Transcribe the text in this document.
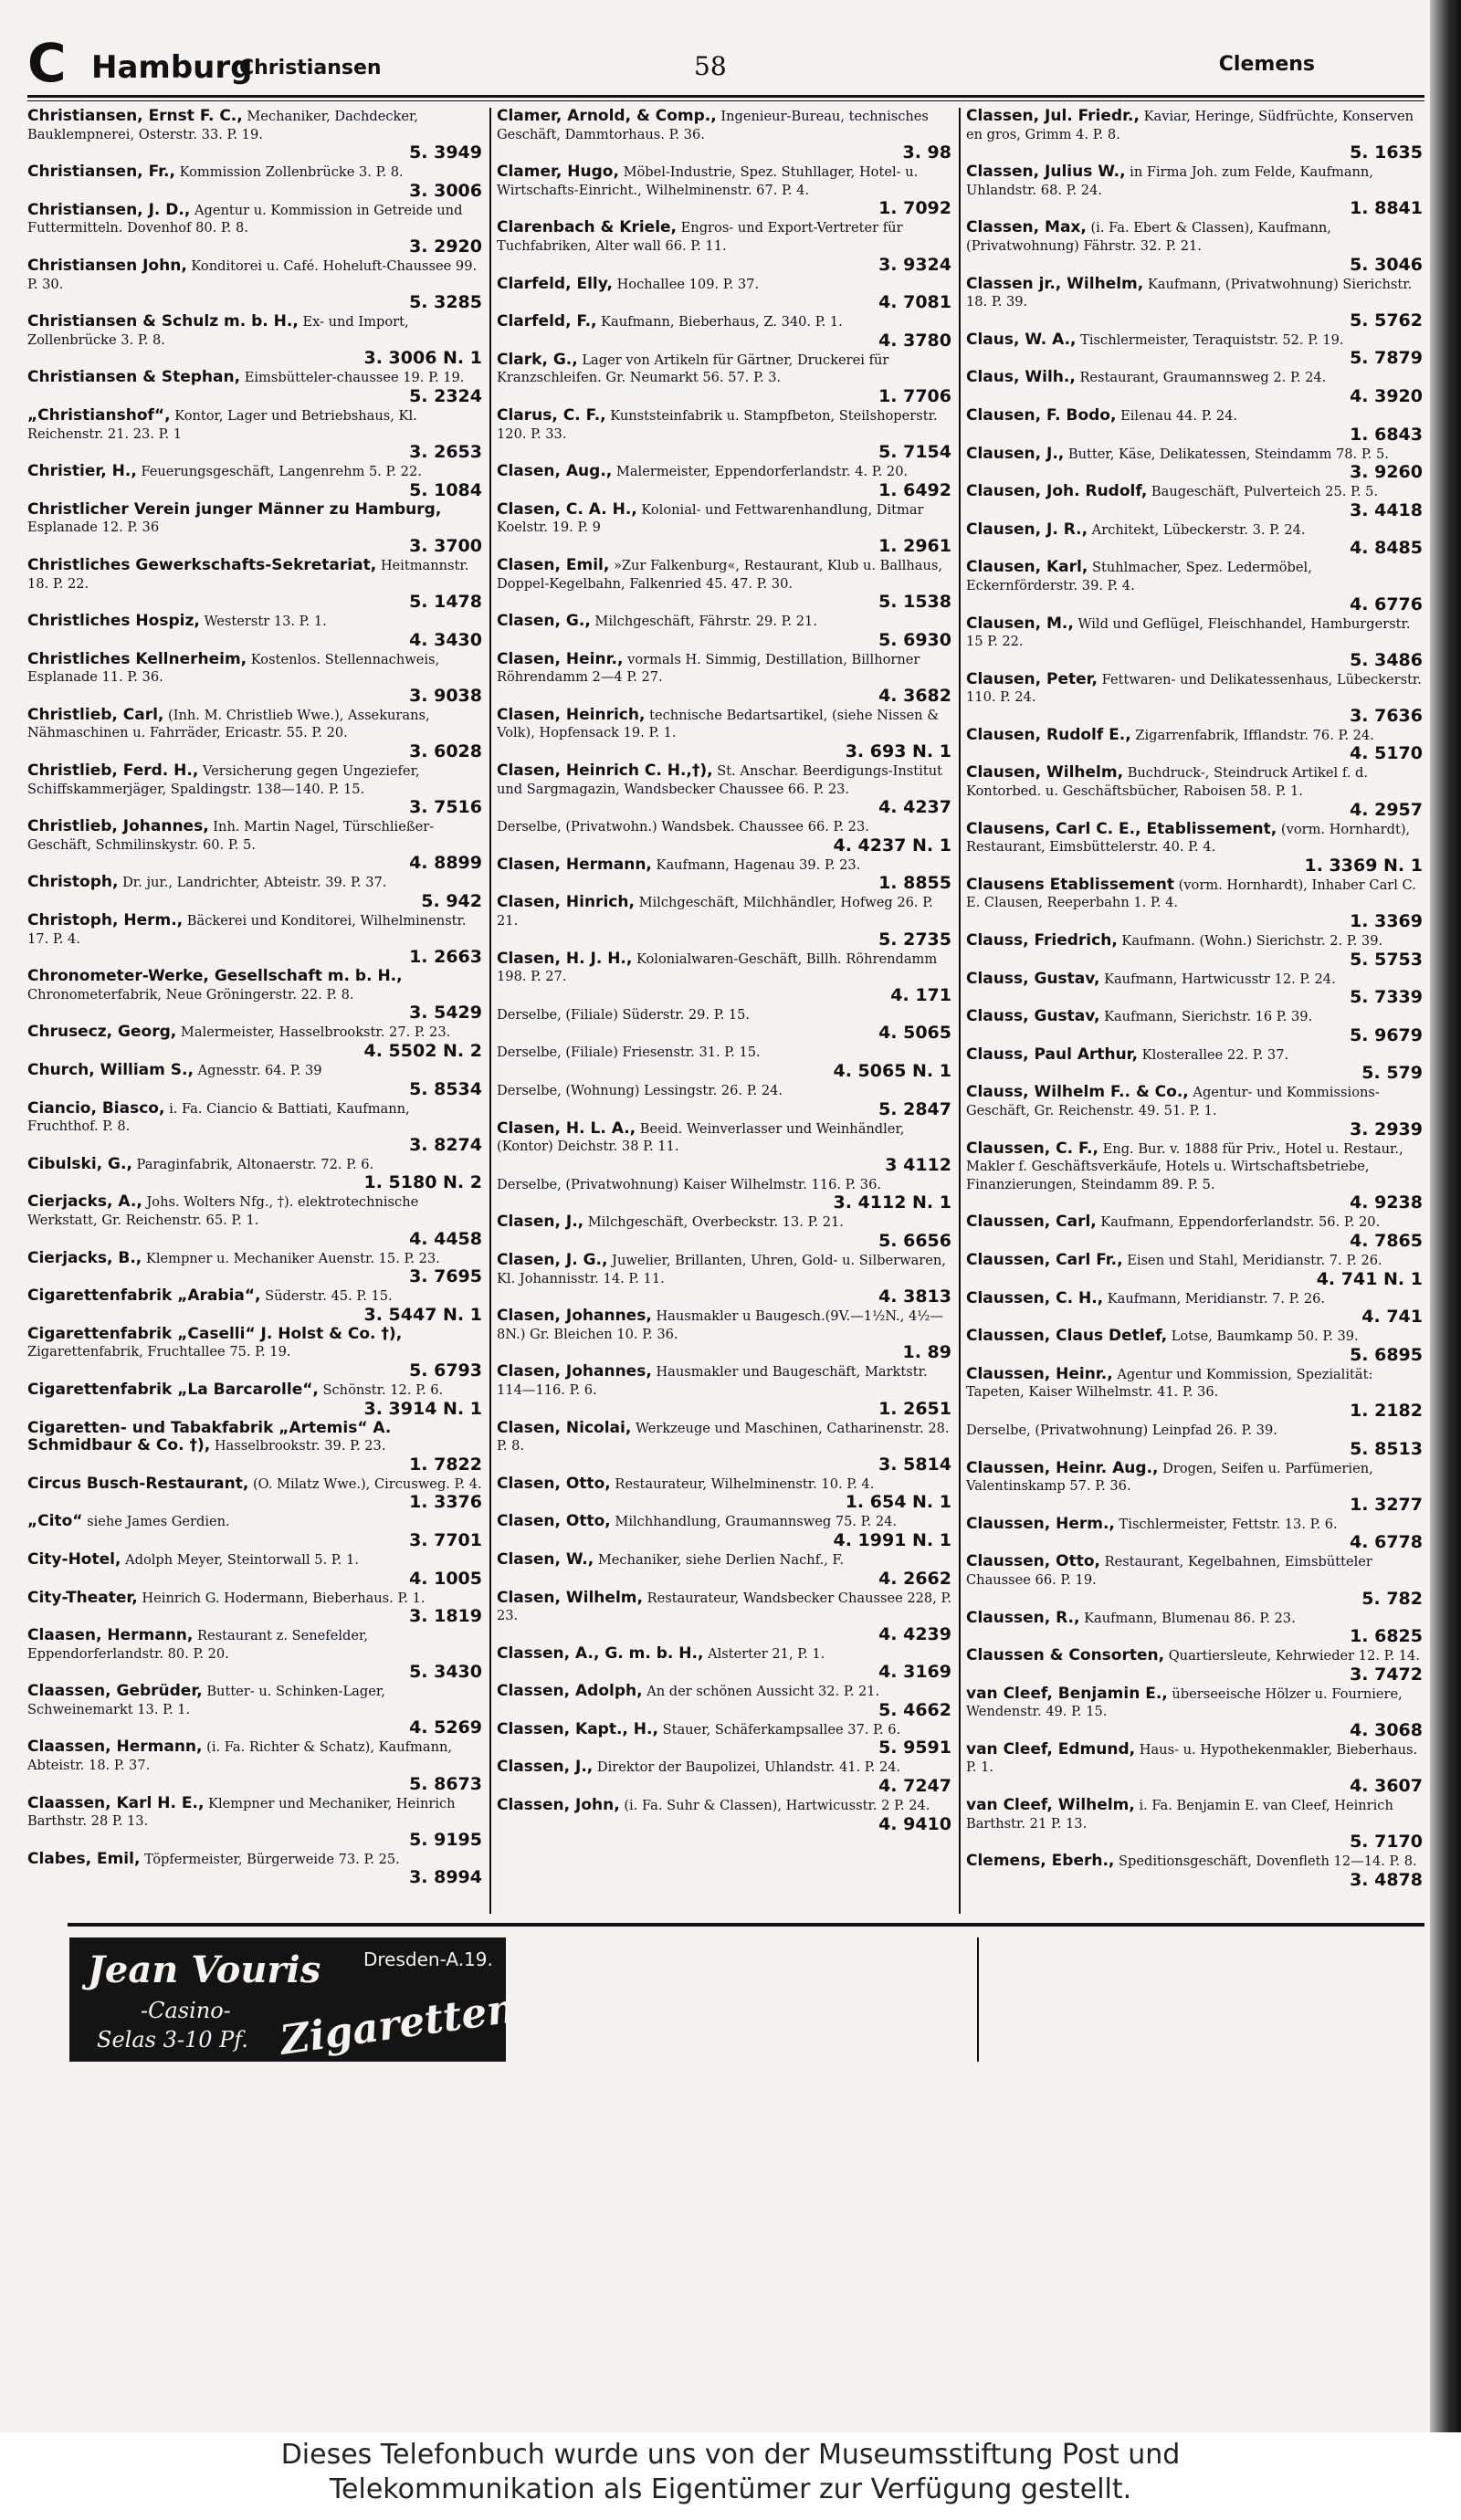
C Hamburg
Christiansen	58	Clemens
Christiansen, Ernst F. C., Mechaniker, Dachdecker, Bauklempnerei, Osterstr. 33. P. 19.
5. 3949
Christiansen, Fr., Kommission Zollenbrücke 3. P. 8.
3. 3006
Christiansen, J. D., Agentur u. Kommission in Getreide und Futtermitteln. Dovenhof 80. P. 8.
3. 2920
Christiansen John, Konditorei u. Café. Hoheluft-Chaussee 99. P. 30.
5. 3285
Christiansen & Schulz m. b. H., Ex- und Import, Zollenbrücke 3. P. 8.
3. 3006 N. 1
Christiansen & Stephan, Eimsbütteler-chaussee 19. P. 19.
5. 2324
„Christianshof“, Kontor, Lager und Betriebshaus, Kl. Reichenstr. 21. 23. P. 1
3. 2653
Christier, H., Feuerungsgeschäft, Langenrehm 5. P. 22.
5. 1084
Christlicher Verein junger Männer zu Hamburg, Esplanade 12. P. 36
3. 3700
Christliches Gewerkschafts-Sekretariat, Heitmannstr. 18. P. 22.
5. 1478
Christliches Hospiz, Westerstr 13. P. 1.
4. 3430
Christliches Kellnerheim, Kostenlos. Stellennachweis, Esplanade 11. P. 36.
3. 9038
Christlieb, Carl, (Inh. M. Christlieb Wwe.), Assekurans, Nähmaschinen u. Fahrräder, Ericastr. 55. P. 20.
3. 6028
Christlieb, Ferd. H., Versicherung gegen Ungeziefer, Schiffskammerjäger, Spaldingstr. 138—140. P. 15.
3. 7516
Christlieb, Johannes, Inh. Martin Nagel, Türschließer-Geschäft, Schmilinskystr. 60. P. 5.
4. 8899
Christoph, Dr. jur., Landrichter, Abteistr. 39. P. 37.
5. 942
Christoph, Herm., Bäckerei und Konditorei, Wilhelminenstr. 17. P. 4.
1. 2663
Chronometer-Werke, Gesellschaft m. b. H., Chronometerfabrik, Neue Gröningerstr. 22. P. 8.
3. 5429
Chrusecz, Georg, Malermeister, Hasselbrookstr. 27. P. 23.
4. 5502 N. 2
Church, William S., Agnesstr. 64. P. 39
5. 8534
Ciancio, Biasco, i. Fa. Ciancio & Battiati, Kaufmann, Fruchthof. P. 8.
3. 8274
Cibulski, G., Paraginfabrik, Altonaerstr. 72. P. 6.
1. 5180 N. 2
Cierjacks, A., Johs. Wolters Nfg., †). elektrotechnische Werkstatt, Gr. Reichenstr. 65. P. 1.
4. 4458
Cierjacks, B., Klempner u. Mechaniker Auenstr. 15. P. 23.
3. 7695
Cigarettenfabrik „Arabia“, Süderstr. 45. P. 15.
3. 5447 N. 1
Cigarettenfabrik „Caselli“ J. Holst & Co. †), Zigarettenfabrik, Fruchtallee 75. P. 19.
5. 6793
Cigarettenfabrik „La Barcarolle“, Schönstr. 12. P. 6.
3. 3914 N. 1
Cigaretten- und Tabakfabrik „Artemis“ A. Schmidbaur & Co. †), Hasselbrookstr. 39. P. 23.
1. 7822
Circus Busch-Restaurant, (O. Milatz Wwe.), Circusweg. P. 4.
1. 3376
„Cito“ siehe James Gerdien.
3. 7701
City-Hotel, Adolph Meyer, Steintorwall 5. P. 1.
4. 1005
City-Theater, Heinrich G. Hodermann, Bieberhaus. P. 1.
3. 1819
Claasen, Hermann, Restaurant z. Senefelder, Eppendorferlandstr. 80. P. 20.
5. 3430
Claassen, Gebrüder, Butter- u. Schinken-Lager, Schweinemarkt 13. P. 1.
4. 5269
Claassen, Hermann, (i. Fa. Richter & Schatz), Kaufmann, Abteistr. 18. P. 37.
5. 8673
Claassen, Karl H. E., Klempner und Mechaniker, Heinrich Barthstr. 28 P. 13.
5. 9195
Clabes, Emil, Töpfermeister, Bürgerweide 73. P. 25.
3. 8994
Clamer, Arnold, & Comp., Ingenieur-Bureau, technisches Geschäft, Dammtorhaus. P. 36.
3. 98
Clamer, Hugo, Möbel-Industrie, Spez. Stuhllager, Hotel- u. Wirtschafts-Einricht., Wilhelminenstr. 67. P. 4.
1. 7092
Clarenbach & Kriele, Engros- und Export-Vertreter für Tuchfabriken, Alter wall 66. P. 11.
3. 9324
Clarfeld, Elly, Hochallee 109. P. 37.
4. 7081
Clarfeld, F., Kaufmann, Bieberhaus, Z. 340. P. 1.
4. 3780
Clark, G., Lager von Artikeln für Gärtner, Druckerei für Kranzschleifen. Gr. Neumarkt 56. 57. P. 3.
1. 7706
Clarus, C. F., Kunststeinfabrik u. Stampfbeton, Steilshoperstr. 120. P. 33.
5. 7154
Clasen, Aug., Malermeister, Eppendorferlandstr. 4. P. 20.
1. 6492
Clasen, C. A. H., Kolonial- und Fettwarenhandlung, Ditmar Koelstr. 19. P. 9
1. 2961
Clasen, Emil, »Zur Falkenburg«, Restaurant, Klub u. Ballhaus, Doppel-Kegelbahn, Falkenried 45. 47. P. 30.
5. 1538
Clasen, G., Milchgeschäft, Fährstr. 29. P. 21.
5. 6930
Clasen, Heinr., vormals H. Simmig, Destillation, Billhorner Röhrendamm 2—4 P. 27.
4. 3682
Clasen, Heinrich, technische Bedartsartikel, (siehe Nissen & Volk), Hopfensack 19. P. 1.
3. 693 N. 1
Clasen, Heinrich C. H.,†), St. Anschar. Beerdigungs-Institut und Sargmagazin, Wandsbecker Chaussee 66. P. 23.
4. 4237
Derselbe, (Privatwohn.) Wandsbek. Chaussee 66. P. 23.
4. 4237 N. 1
Clasen, Hermann, Kaufmann, Hagenau 39. P. 23.
1. 8855
Clasen, Hinrich, Milchgeschäft, Milchhändler, Hofweg 26. P. 21.
5. 2735
Clasen, H. J. H., Kolonialwaren-Geschäft, Billh. Röhrendamm 198. P. 27.
4. 171
Derselbe, (Filiale) Süderstr. 29. P. 15.
4. 5065
Derselbe, (Filiale) Friesenstr. 31. P. 15.
4. 5065 N. 1
Derselbe, (Wohnung) Lessingstr. 26. P. 24.
5. 2847
Clasen, H. L. A., Beeid. Weinverlasser und Weinhändler, (Kontor) Deichstr. 38 P. 11.
3 4112
Derselbe, (Privatwohnung) Kaiser Wilhelmstr. 116. P. 36.
3. 4112 N. 1
Clasen, J., Milchgeschäft, Overbeckstr. 13. P. 21.
5. 6656
Clasen, J. G., Juwelier, Brillanten, Uhren, Gold- u. Silberwaren, Kl. Johannisstr. 14. P. 11.
4. 3813
Clasen, Johannes, Hausmakler u Baugesch.(9V.—1½N., 4½—8N.) Gr. Bleichen 10. P. 36.
1. 89
Clasen, Johannes, Hausmakler und Baugeschäft, Marktstr. 114—116. P. 6.
1. 2651
Clasen, Nicolai, Werkzeuge und Maschinen, Catharinenstr. 28. P. 8.
3. 5814
Clasen, Otto, Restaurateur, Wilhelminenstr. 10. P. 4.
1. 654 N. 1
Clasen, Otto, Milchhandlung, Graumannsweg 75. P. 24.
4. 1991 N. 1
Clasen, W., Mechaniker, siehe Derlien Nachf., F.
4. 2662
Clasen, Wilhelm, Restaurateur, Wandsbecker Chaussee 228, P. 23.
4. 4239
Classen, A., G. m. b. H., Alsterter 21, P. 1.
4. 3169
Classen, Adolph, An der schönen Aussicht 32. P. 21.
5. 4662
Classen, Kapt., H., Stauer, Schäferkampsallee 37. P. 6.
5. 9591
Classen, J., Direktor der Baupolizei, Uhlandstr. 41. P. 24.
4. 7247
Classen, John, (i. Fa. Suhr & Classen), Hartwicusstr. 2 P. 24.
4. 9410
Classen, Jul. Friedr., Kaviar, Heringe, Südfrüchte, Konserven en gros, Grimm 4. P. 8.
5. 1635
Classen, Julius W., in Firma Joh. zum Felde, Kaufmann, Uhlandstr. 68. P. 24.
1. 8841
Classen, Max, (i. Fa. Ebert & Classen), Kaufmann, (Privatwohnung) Fährstr. 32. P. 21.
5. 3046
Classen jr., Wilhelm, Kaufmann, (Privatwohnung) Sierichstr. 18. P. 39.
5. 5762
Claus, W. A., Tischlermeister, Teraquiststr. 52. P. 19.
5. 7879
Claus, Wilh., Restaurant, Graumannsweg 2. P. 24.
4. 3920
Clausen, F. Bodo, Eilenau 44. P. 24.
1. 6843
Clausen, J., Butter, Käse, Delikatessen, Steindamm 78. P. 5.
3. 9260
Clausen, Joh. Rudolf, Baugeschäft, Pulverteich 25. P. 5.
3. 4418
Clausen, J. R., Architekt, Lübeckerstr. 3. P. 24.
4. 8485
Clausen, Karl, Stuhlmacher, Spez. Ledermöbel, Eckernförderstr. 39. P. 4.
4. 6776
Clausen, M., Wild und Geflügel, Fleischhandel, Hamburgerstr. 15 P. 22.
5. 3486
Clausen, Peter, Fettwaren- und Delikatessenhaus, Lübeckerstr. 110. P. 24.
3. 7636
Clausen, Rudolf E., Zigarrenfabrik, Ifflandstr. 76. P. 24.
4. 5170
Clausen, Wilhelm, Buchdruck-, Steindruck Artikel f. d. Kontorbed. u. Geschäftsbücher, Raboisen 58. P. 1.
4. 2957
Clausens, Carl C. E., Etablissement, (vorm. Hornhardt), Restaurant, Eimsbüttelerstr. 40. P. 4.
1. 3369 N. 1
Clausens Etablissement (vorm. Hornhardt), Inhaber Carl C. E. Clausen, Reeperbahn 1. P. 4.
1. 3369
Clauss, Friedrich, Kaufmann. (Wohn.) Sierichstr. 2. P. 39.
5. 5753
Clauss, Gustav, Kaufmann, Hartwicusstr 12. P. 24.
5. 7339
Clauss, Gustav, Kaufmann, Sierichstr. 16 P. 39.
5. 9679
Clauss, Paul Arthur, Klosterallee 22. P. 37.
5. 579
Clauss, Wilhelm F.. & Co., Agentur- und Kommissions-Geschäft, Gr. Reichenstr. 49. 51. P. 1.
3. 2939
Claussen, C. F., Eng. Bur. v. 1888 für Priv., Hotel u. Restaur., Makler f. Geschäftsverkäufe, Hotels u. Wirtschaftsbetriebe, Finanzierungen, Steindamm 89. P. 5.
4. 9238
Claussen, Carl, Kaufmann, Eppendorferlandstr. 56. P. 20.
4. 7865
Claussen, Carl Fr., Eisen und Stahl, Meridianstr. 7. P. 26.
4. 741 N. 1
Claussen, C. H., Kaufmann, Meridianstr. 7. P. 26.
4. 741
Claussen, Claus Detlef, Lotse, Baumkamp 50. P. 39.
5. 6895
Claussen, Heinr., Agentur und Kommission, Spezialität: Tapeten, Kaiser Wilhelmstr. 41. P. 36.
1. 2182
Derselbe, (Privatwohnung) Leinpfad 26. P. 39.
5. 8513
Claussen, Heinr. Aug., Drogen, Seifen u. Parfümerien, Valentinskamp 57. P. 36.
1. 3277
Claussen, Herm., Tischlermeister, Fettstr. 13. P. 6.
4. 6778
Claussen, Otto, Restaurant, Kegelbahnen, Eimsbütteler Chaussee 66. P. 19.
5. 782
Claussen, R., Kaufmann, Blumenau 86. P. 23.
1. 6825
Claussen & Consorten, Quartiersleute, Kehrwieder 12. P. 14.
3. 7472
van Cleef, Benjamin E., überseeische Hölzer u. Fourniere, Wendenstr. 49. P. 15.
4. 3068
van Cleef, Edmund, Haus- u. Hypothekenmakler, Bieberhaus. P. 1.
4. 3607
van Cleef, Wilhelm, i. Fa. Benjamin E. van Cleef, Heinrich Barthstr. 21 P. 13.
5. 7170
Clemens, Eberh., Speditionsgeschäft, Dovenfleth 12—14. P. 8.
3. 4878
Jean Vouris Dresden-A.19.
-Casino-
Selas 3-10 Pf. Zigaretten
Dieses Telefonbuch wurde uns von der Museumsstiftung Post und
Telekommunikation als Eigentümer zur Verfügung gestellt.
